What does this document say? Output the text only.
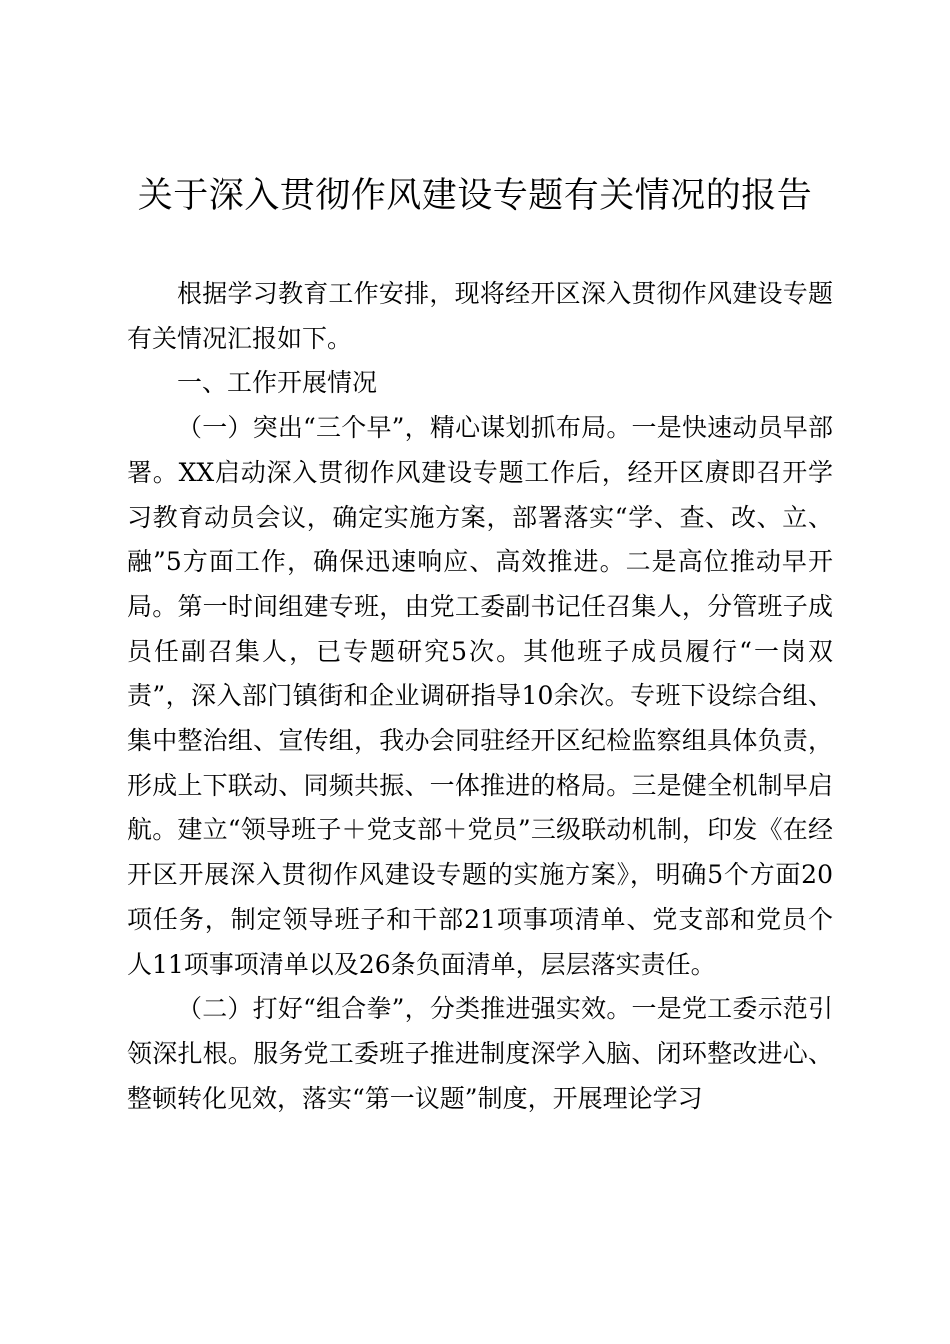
关于深入贯彻作风建设专题有关情况的报告

根据学习教育工作安排，现将经开区深入贯彻作风建设专题有关情况汇报如下。

一、工作开展情况

（一）突出“三个早”，精心谋划抓布局。一是快速动员早部署。XX启动深入贯彻作风建设专题工作后，经开区赓即召开学习教育动员会议，确定实施方案，部署落实“学、查、改、立、融”5方面工作，确保迅速响应、高效推进。二是高位推动早开局。第一时间组建专班，由党工委副书记任召集人，分管班子成员任副召集人，已专题研究5次。其他班子成员履行“一岗双责”，深入部门镇街和企业调研指导10余次。专班下设综合组、集中整治组、宣传组，我办会同驻经开区纪检监察组具体负责，形成上下联动、同频共振、一体推进的格局。三是健全机制早启航。建立“领导班子＋党支部＋党员”三级联动机制，印发《在经开区开展深入贯彻作风建设专题的实施方案》，明确5个方面20项任务，制定领导班子和干部21项事项清单、党支部和党员个人11项事项清单以及26条负面清单，层层落实责任。

（二）打好“组合拳”，分类推进强实效。一是党工委示范引领深扎根。服务党工委班子推进制度深学入脑、闭环整改进心、整顿转化见效，落实“第一议题”制度，开展理论学习
